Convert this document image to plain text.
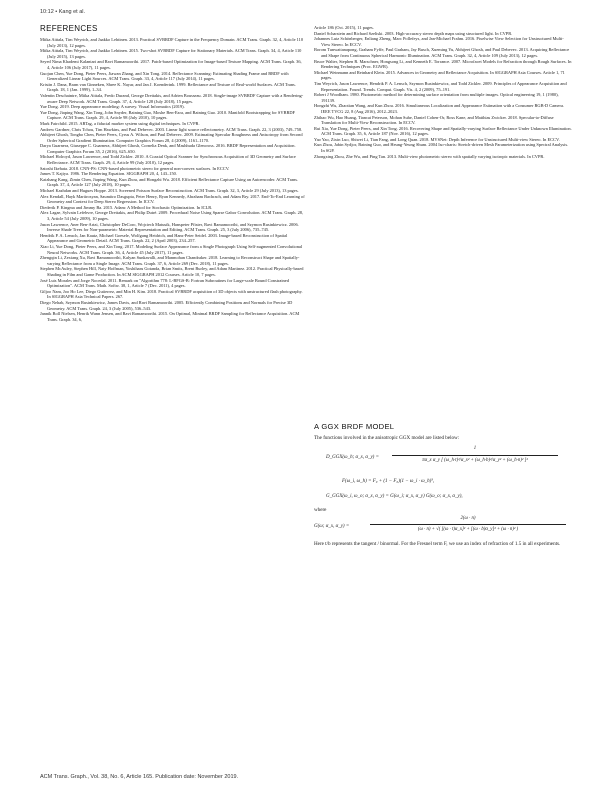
10:12 • Kang et al.
REFERENCES

Miika Aittala, Tim Weyrich, and Jaakko Lehtinen. 2013. Practical SVBRDF Capture in the Frequency Domain. ACM Trans. Graph. 32, 4, Article 110 (July 2013), 12 pages.

Miika Aittala, Tim Weyrich, and Jaakko Lehtinen. 2015. Two-shot SVBRDF Capture for Stationary Materials. ACM Trans. Graph. 34, 4, Article 110 (July 2015), 13 pages.

Seyed Nima Khademi Kalantari and Ravi Ramamoorthi. 2017. Patch-based Optimization for Image-based Texture Mapping. ACM Trans. Graph. 36, 4, Article 106 (July 2017), 11 pages.

Guojun Chen, Yue Dong, Pieter Peers, Jiawan Zhang, and Xin Tong. 2014. Reflectance Scanning: Estimating Shading Frame and BRDF with Generalized Linear Light Sources. ACM Trans. Graph. 33, 4, Article 117 (July 2014), 11 pages.

Kristin J. Dana, Bram van Ginneken, Shree K. Nayar, and Jan J. Koenderink. 1999. Reflectance and Texture of Real-world Surfaces. ACM Trans. Graph. 18, 1 (Jan. 1999), 1–34.

Valentin Deschaintre, Miika Aittala, Fredo Durand, George Drettakis, and Adrien Bousseau. 2018. Single-image SVBRDF Capture with a Rendering-aware Deep Network. ACM Trans. Graph. 37, 4, Article 128 (July 2018), 15 pages.

Yue Dong. 2019. Deep appearance modeling: A survey. Visual Informatics (2019).

Yue Dong, Jiaping Wang, Xin Tong, John Snyder, Baining Guo, Moshe Ben-Ezra, and Baining Guo. 2010. Manifold Bootstrapping for SVBRDF Capture. ACM Trans. Graph. 29, 4, Article 98 (July 2010), 10 pages.

Mark Fairchild. 2015. ARTag, a fiducial marker system using digital techniques. In CVPR.

Andrew Gardner, Chris Tchou, Tim Hawkins, and Paul Debevec. 2003. Linear light source reflectometry. ACM Trans. Graph. 22, 3 (2003), 749–758.

Abhijeet Ghosh, Tongbo Chen, Pieter Peers, Cyrus A. Wilson, and Paul Debevec. 2009. Estimating Specular Roughness and Anisotropy from Second Order Spherical Gradient Illumination. Computer Graphics Forum 28, 4 (2009), 1161–1170.

Darya Guarnera, Giuseppe C. Guarnera, Abhijeet Ghosh, Cornelia Denk, and Mashhuda Glencross. 2016. BRDF Representation and Acquisition. Computer Graphics Forum 35, 2 (2016), 625–650.

Michael Holroyd, Jason Lawrence, and Todd Zickler. 2010. A Coaxial Optical Scanner for Synchronous Acquisition of 3D Geometry and Surface Reflectance. ACM Trans. Graph. 29, 4, Article 99 (July 2010), 12 pages.

Satoshi Ikehata. 2018. CNN-PS: CNN-based photometric stereo for general non-convex surfaces. In ECCV.

James T. Kajiya. 1986. The Rendering Equation. SIGGRAPH 20, 4, 143–150.

Kaizhang Kang, Zimin Chen, Jiaping Wang, Kun Zhou, and Hongzhi Wu. 2018. Efficient Reflectance Capture Using an Autoencoder. ACM Trans. Graph. 37, 4, Article 127 (July 2018), 10 pages.

Michael Kazhdan and Hugues Hoppe. 2013. Screened Poisson Surface Reconstruction. ACM Trans. Graph. 32, 3, Article 29 (July 2013), 13 pages.

Alex Kendall, Hayk Martirosyan, Saumitro Dasgupta, Peter Henry, Ryan Kennedy, Abraham Bachrach, and Adam Bry. 2017. End-To-End Learning of Geometry and Context for Deep Stereo Regression. In ICCV.

Diederik P. Kingma and Jimmy Ba. 2015. Adam: A Method for Stochastic Optimization. In ICLR.

Alex Lagae, Sylvain Lefebvre, George Drettakis, and Philip Dutré. 2009. Procedural Noise Using Sparse Gabor Convolution. ACM Trans. Graph. 28, 3, Article 54 (July 2009), 10 pages.

Jason Lawrence, Aner Ben-Artzi, Christopher DeCoro, Wojciech Matusik, Hanspeter Pfister, Ravi Ramamoorthi, and Szymon Rusinkiewicz. 2006. Inverse Shade Trees for Non-parametric Material Representation and Editing. ACM Trans. Graph. 25, 3 (July 2006), 735–745.

Hendrik P. A. Lensch, Jan Kautz, Michael Goesele, Wolfgang Heidrich, and Hans-Peter Seidel. 2003. Image-based Reconstruction of Spatial Appearance and Geometric Detail. ACM Trans. Graph. 22, 2 (April 2003), 234–257.

Xiao Li, Yue Dong, Pieter Peers, and Xin Tong. 2017. Modeling Surface Appearance from a Single Photograph Using Self-augmented Convolutional Neural Networks. ACM Trans. Graph. 36, 4, Article 45 (July 2017), 11 pages.

Zhengqin Li, Zexiang Xu, Ravi Ramamoorthi, Kalyan Sunkavalli, and Manmohan Chandraker. 2018. Learning to Reconstruct Shape and Spatially-varying Reflectance from a Single Image. ACM Trans. Graph. 37, 6, Article 269 (Dec. 2018), 11 pages.

Stephen McAuley, Stephen Hill, Naty Hoffman, Yoshiharu Gotanda, Brian Smits, Brent Burley, and Adam Martinez. 2012. Practical Physically-based Shading in Film and Game Production. In ACM SIGGRAPH 2012 Courses. Article 10, 7 pages.

José Luis Morales and Jorge Nocedal. 2011. Remark on "Algorithm 778: L-BFGS-B: Fortran Subroutines for Large-scale Bound Constrained Optimization". ACM Trans. Math. Softw. 38, 1, Article 7 (Dec. 2011), 4 pages.

Giljoo Nam, Joo Ho Lee, Diego Gutierrez, and Min H. Kim. 2018. Practical SVBRDF acquisition of 3D objects with unstructured flash photography. In SIGGRAPH Asia Technical Papers. 267.

Diego Nehab, Szymon Rusinkiewicz, James Davis, and Ravi Ramamoorthi. 2005. Efficiently Combining Positions and Normals for Precise 3D Geometry. ACM Trans. Graph. 24, 3 (July 2005), 536–543.

Jannik Boll Nielsen, Henrik Wann Jensen, and Ravi Ramamoorthi. 2015. On Optimal, Minimal BRDF Sampling for Reflectance Acquisition. ACM Trans. Graph. 34, 6,

Article 186 (Oct. 2015), 11 pages.

Daniel Scharstein and Richard Szeliski. 2003. High-accuracy stereo depth maps using structured light. In CVPR.

Johannes Lutz Schönberger, Enliang Zheng, Marc Pollefeys, and Jan-Michael Frahm. 2016. Pixelwise View Selection for Unstructured Multi-View Stereo. In ECCV.

Borom Tunwattanapong, Graham Fyffe, Paul Graham, Jay Busch, Xueming Yu, Abhijeet Ghosh, and Paul Debevec. 2013. Acquiring Reflectance and Shape from Continuous Spherical Harmonic Illumination. ACM Trans. Graph. 32, 4, Article 109 (July 2013), 12 pages.

Bruce Walter, Stephen R. Marschner, Hongsong Li, and Kenneth E. Torrance. 2007. Microfacet Models for Refraction through Rough Surfaces. In Rendering Techniques (Proc. EGWR).

Michael Weinmann and Reinhard Klein. 2015. Advances in Geometry and Reflectance Acquisition. In SIGGRAPH Asia Courses. Article 1, 71 pages.

Tim Weyrich, Jason Lawrence, Hendrik P. A. Lensch, Szymon Rusinkiewicz, and Todd Zickler. 2009. Principles of Appearance Acquisition and Representation. Found. Trends. Comput. Graph. Vis. 4, 2 (2009), 75–191.

Robert J Woodham. 1980. Photometric method for determining surface orientation from multiple images. Optical engineering 19, 1 (1980), 191139.

Hongzhi Wu, Zhaotian Wang, and Kun Zhou. 2016. Simultaneous Localization and Appearance Estimation with a Consumer RGB-D Camera. IEEE TVCG 22, 8 (Aug 2016), 2012–2023.

Zhihao Wu, Hao Huang, Tiancai Peterson, Mohan Suhe, Daniel Cohen-Or, Ross Kane, and Matthias Zwicker. 2018. Specular-to-Diffuse Translation for Multi-View Reconstruction. In ECCV.

Rui Xia, Yue Dong, Pieter Peers, and Xin Tong. 2016. Recovering Shape and Spatially-varying Surface Reflectance Under Unknown Illumination. ACM Trans. Graph. 35, 6, Article 187 (Nov. 2016), 12 pages.

Yao Yao, Zixin Luo, Shiwei Li, Tian Fang, and Long Quan. 2018. MVSNet: Depth Inference for Unstructured Multi-view Stereo. In ECCV.

Kun Zhou, Jabin Sydjor, Baining Guo, and Heung-Yeung Shum. 2004 Iso-charts: Stretch-driven Mesh Parameterization using Spectral Analysis. In SGP.

Zhongxing Zhou, Zhe Wu, and Ping Tan. 2013. Multi-view photometric stereo with spatially varying isotropic materials. In CVPR.

A GGX BRDF MODEL
The functions involved in the anisotropic GGX model are listed below:
D_GGX(ω_h; α_x, α_y) =
1
πα_x α_y [ (ω_h·t)²/α_x² + (ω_h·b)²/α_y² + (ω_h·n)² ]²
F(ω_i, ω_h) = F₀ + (1 − F₀)(1 − ω_i · ω_h)⁵,
G_GGX(ω_i, ω_o; α_x, α_y) = G(ω_i; α_x, α_y) G(ω_o; α_x, α_y),
where
G(ω; α_x, α_y) =
2(ω · n)
(ω · n) + √( [(ω · t)α_x]² + [(ω · b)α_y]² + (ω · n)² )
Here t/b represents the tangent / binormal. For the Fresnel term F, we use an index of refraction of 1.5 in all experiments.
ACM Trans. Graph., Vol. 38, No. 6, Article 165. Publication date: November 2019.
